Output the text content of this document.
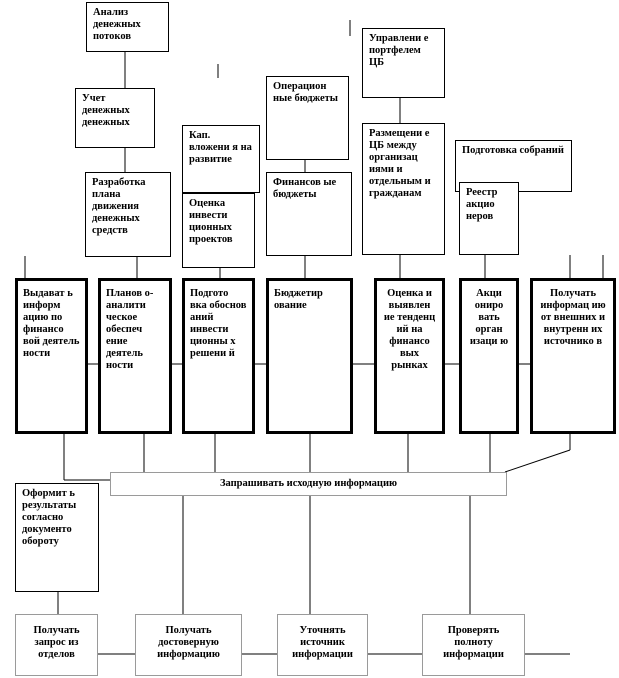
Анализ денежных потоков
Учет денежных денежных
Разработка плана движения денежных средств
Кап. вложени я на развитие
Оценка инвести ционных проектов
Операцион ные бюджеты
Финансов ые бюджеты
Управлени е портфелем ЦБ
Размещени е ЦБ между организац иями и отдельным и гражданам
Подготовка собраний
Реестр акцио неров
Выдават ь информ ацию по финансо вой деятель ности
Планов о-аналити ческое обеспеч ение деятель ности
Подгото вка обоснов аний инвести ционны х решени й
Бюджетир ование
Оценка и выявлен ие тенденц ий на финансо вых рынках
Акци онирo вать орган изаци ю
Получать информац ию от внешних и внутренн их источнико в
Запрашивать исходную информацию
Оформит ь результаты согласно документо обороту
Получать запрос из отделов
Получать достоверную информацию
Уточнять источник информации
Проверять полноту информации
